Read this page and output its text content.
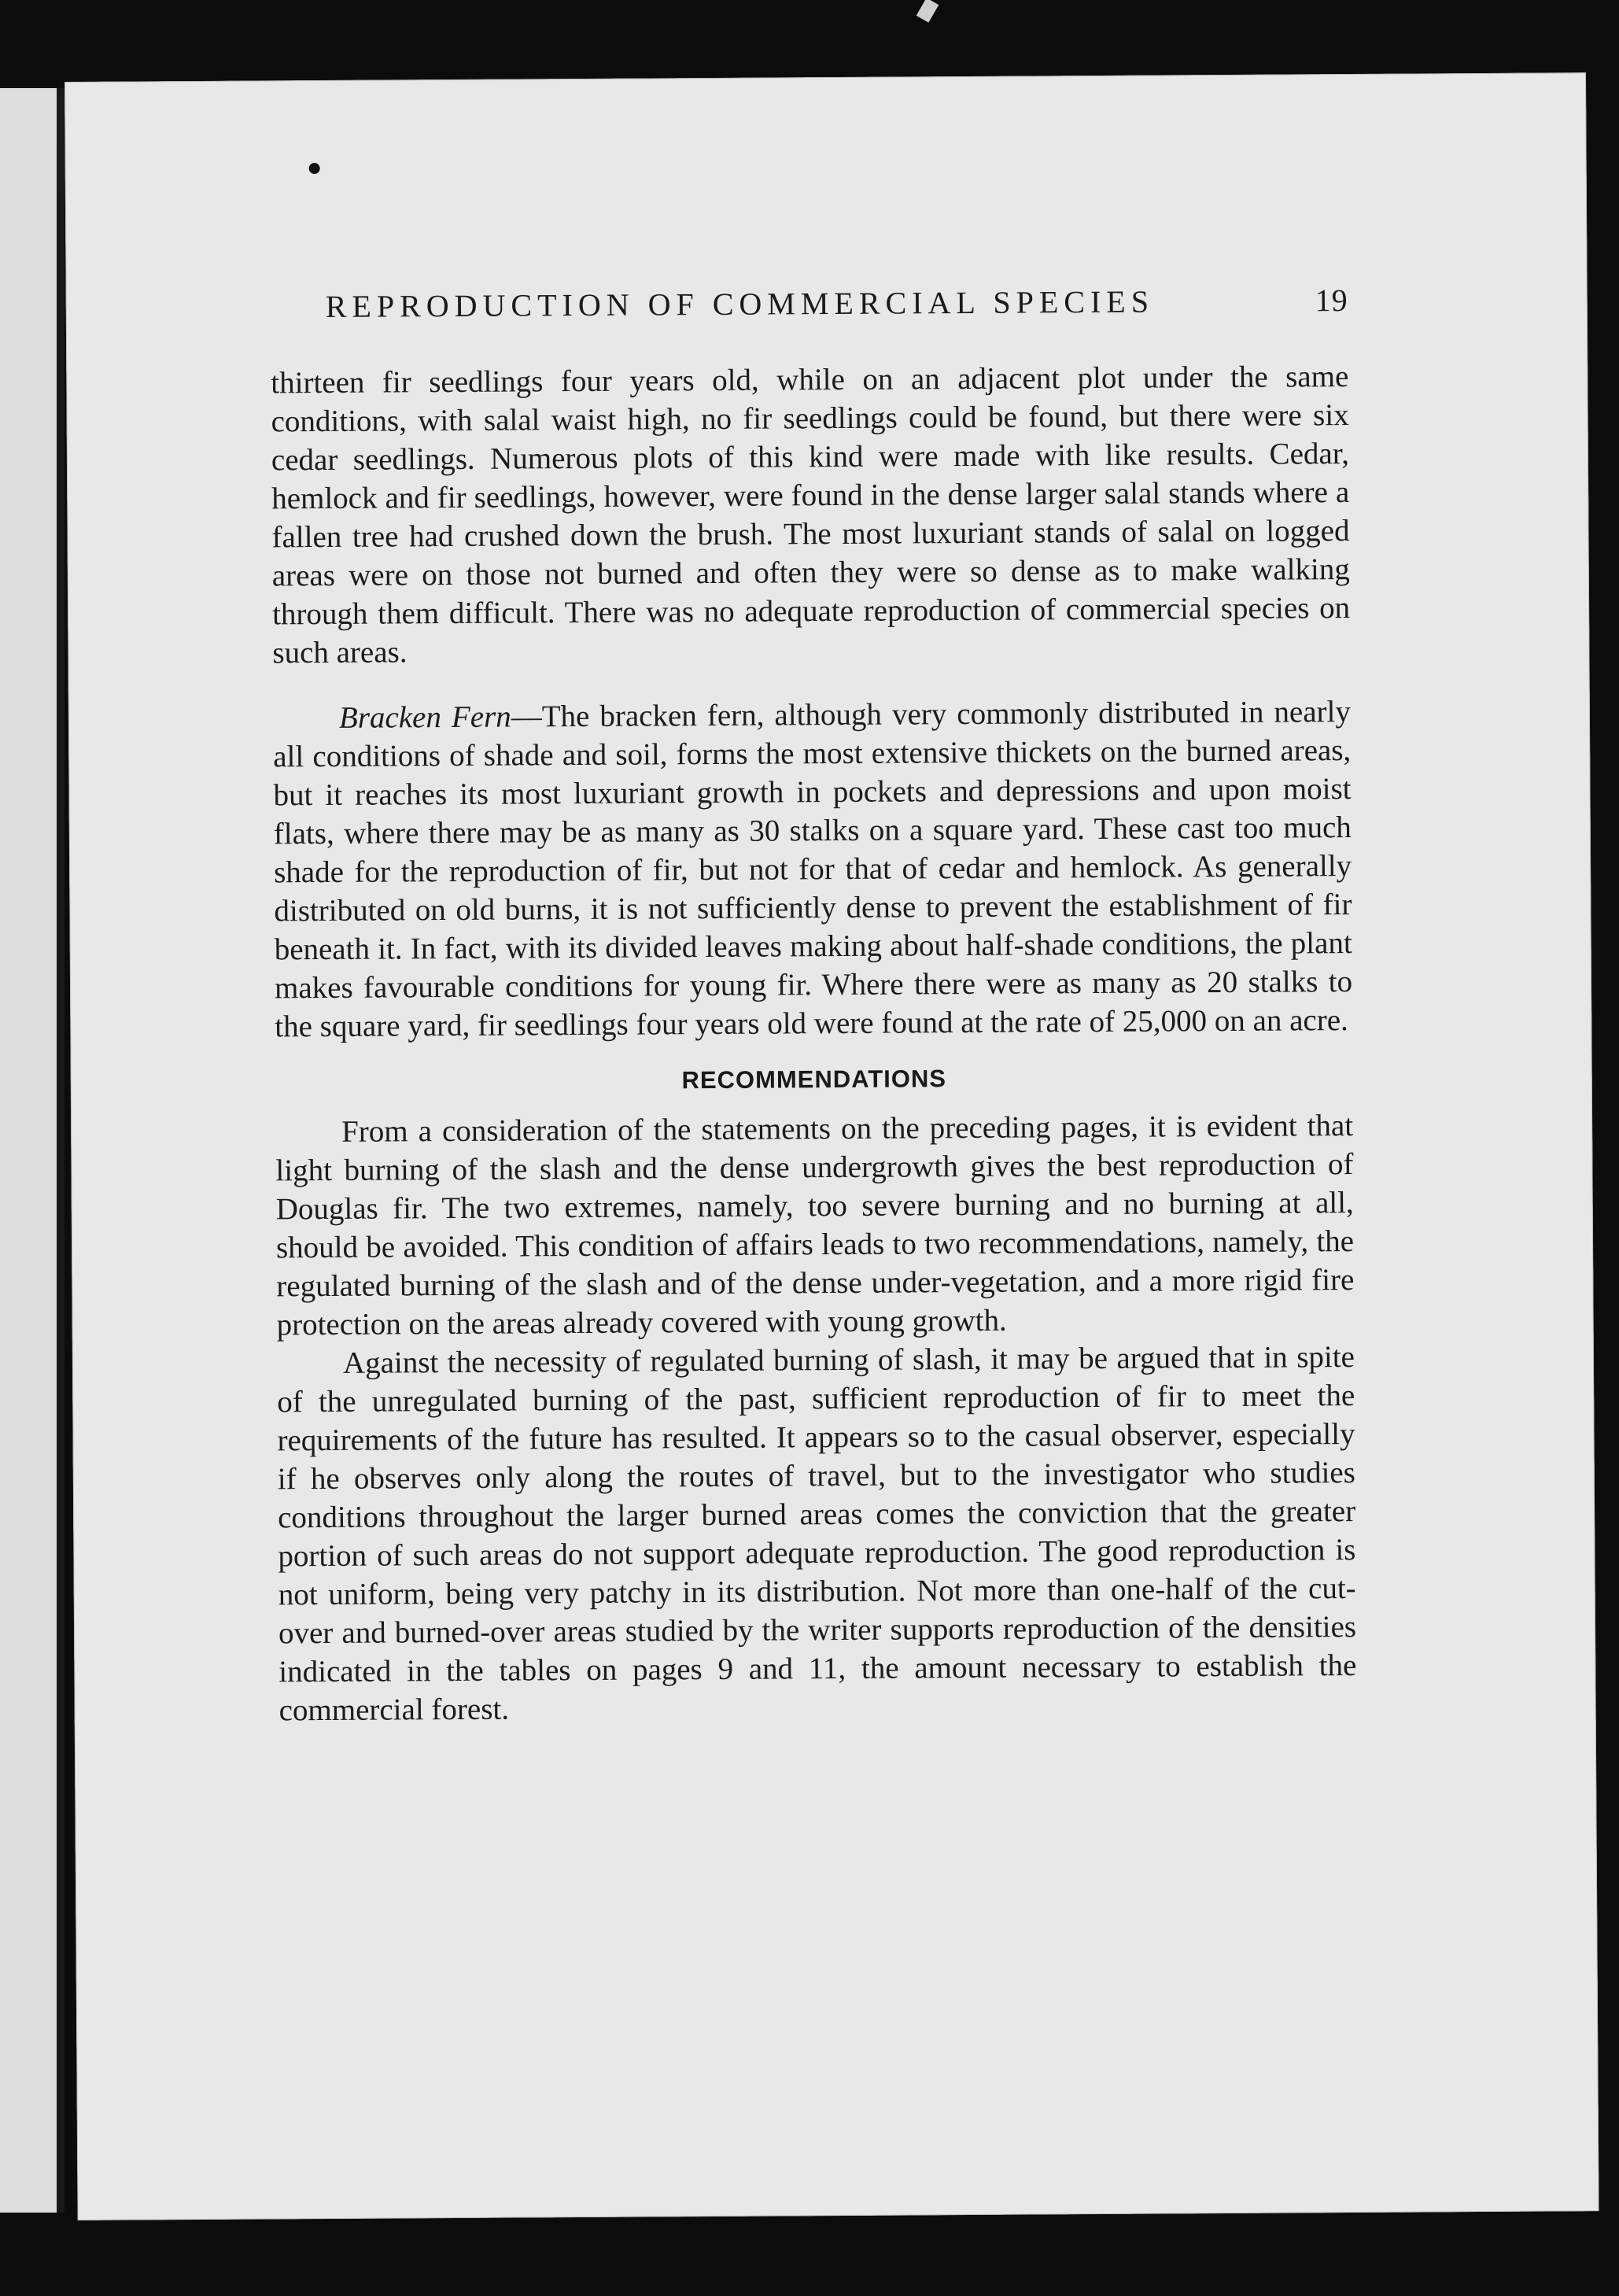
REPRODUCTION OF COMMERCIAL SPECIES	19

thirteen fir seedlings four years old, while on an adjacent plot under the same conditions, with salal waist high, no fir seedlings could be found, but there were six cedar seedlings. Numerous plots of this kind were made with like results. Cedar, hemlock and fir seedlings, however, were found in the dense larger salal stands where a fallen tree had crushed down the brush. The most luxuriant stands of salal on logged areas were on those not burned and often they were so dense as to make walking through them difficult. There was no adequate reproduction of commercial species on such areas.

Bracken Fern—The bracken fern, although very commonly distributed in nearly all conditions of shade and soil, forms the most extensive thickets on the burned areas, but it reaches its most luxuriant growth in pockets and depressions and upon moist flats, where there may be as many as 30 stalks on a square yard. These cast too much shade for the reproduction of fir, but not for that of cedar and hemlock. As generally distributed on old burns, it is not sufficiently dense to prevent the establishment of fir beneath it. In fact, with its divided leaves making about half-shade conditions, the plant makes favourable conditions for young fir. Where there were as many as 20 stalks to the square yard, fir seedlings four years old were found at the rate of 25,000 on an acre.

RECOMMENDATIONS

From a consideration of the statements on the preceding pages, it is evident that light burning of the slash and the dense undergrowth gives the best reproduction of Douglas fir. The two extremes, namely, too severe burning and no burning at all, should be avoided. This condition of affairs leads to two recommendations, namely, the regulated burning of the slash and of the dense under-vegetation, and a more rigid fire protection on the areas already covered with young growth.

Against the necessity of regulated burning of slash, it may be argued that in spite of the unregulated burning of the past, sufficient reproduction of fir to meet the requirements of the future has resulted. It appears so to the casual observer, especially if he observes only along the routes of travel, but to the investigator who studies conditions throughout the larger burned areas comes the conviction that the greater portion of such areas do not support adequate reproduction. The good reproduction is not uniform, being very patchy in its distribution. Not more than one-half of the cut-over and burned-over areas studied by the writer supports reproduction of the densities indicated in the tables on pages 9 and 11, the amount necessary to establish the commercial forest.
